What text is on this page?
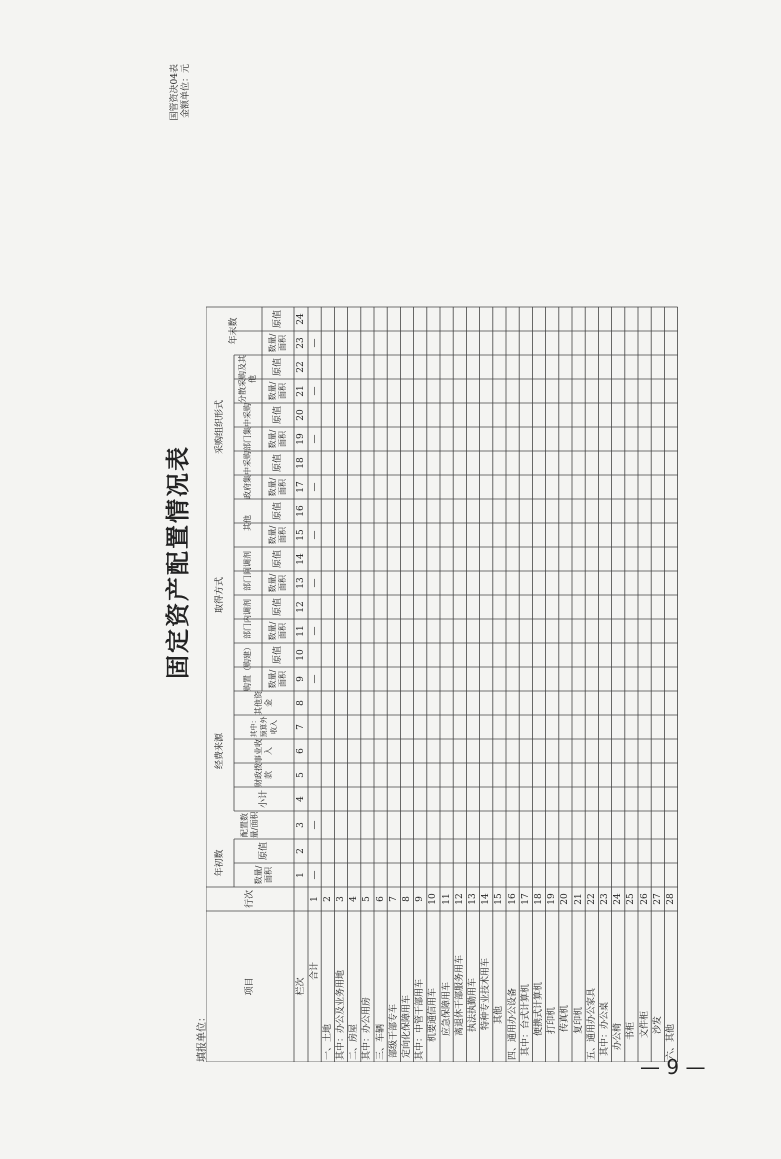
固定资产配置情况表
国管资决04表 金额单位：元
填报单位：
项目
行次
年初数	数量/面积
原值
配置数量/面积
经费来源
小计
财政拨款
事业收入
其中：预算外收入
其他资金
取得方式
购置（购建）
部门内调剂
部门间调剂
其他
采购组织形式
政府集中采购
部门集中采购
分散采购及其他
年末数
数量/面积
原值
数量/面积
原值
数量/面积
原值
数量/面积
原值
数量/面积
原值
数量/面积
原值
数量/面积
原值
数量/面积
原值
栏次
1
2
3
4
5
6
7
8
9
10
11
12
13
14
15
16
17
18
19
20
21
22
23
24
合计
1
一、土地
2
其中：办公及业务用地
3
二、房屋
4
其中：办公用房
5
三、车辆
6
部级干部专车
7
定向化保障用车
8
其中：中管干部用车
9
机要通信用车
10
应急保障用车
11
离退休干部服务用车
12
执法执勤用车
13
特种专业技术用车
14
其他
15
四、通用办公设备
16
其中：台式计算机
17
便携式计算机
18
打印机
19
传真机
20
复印机
21
五、通用办公家具
22
其中：办公桌
23
办公椅
24
书柜
25
文件柜
26
沙发
27
六、其他
28
—
—
—
—
—
—
—
—
—
—
— 9 —
